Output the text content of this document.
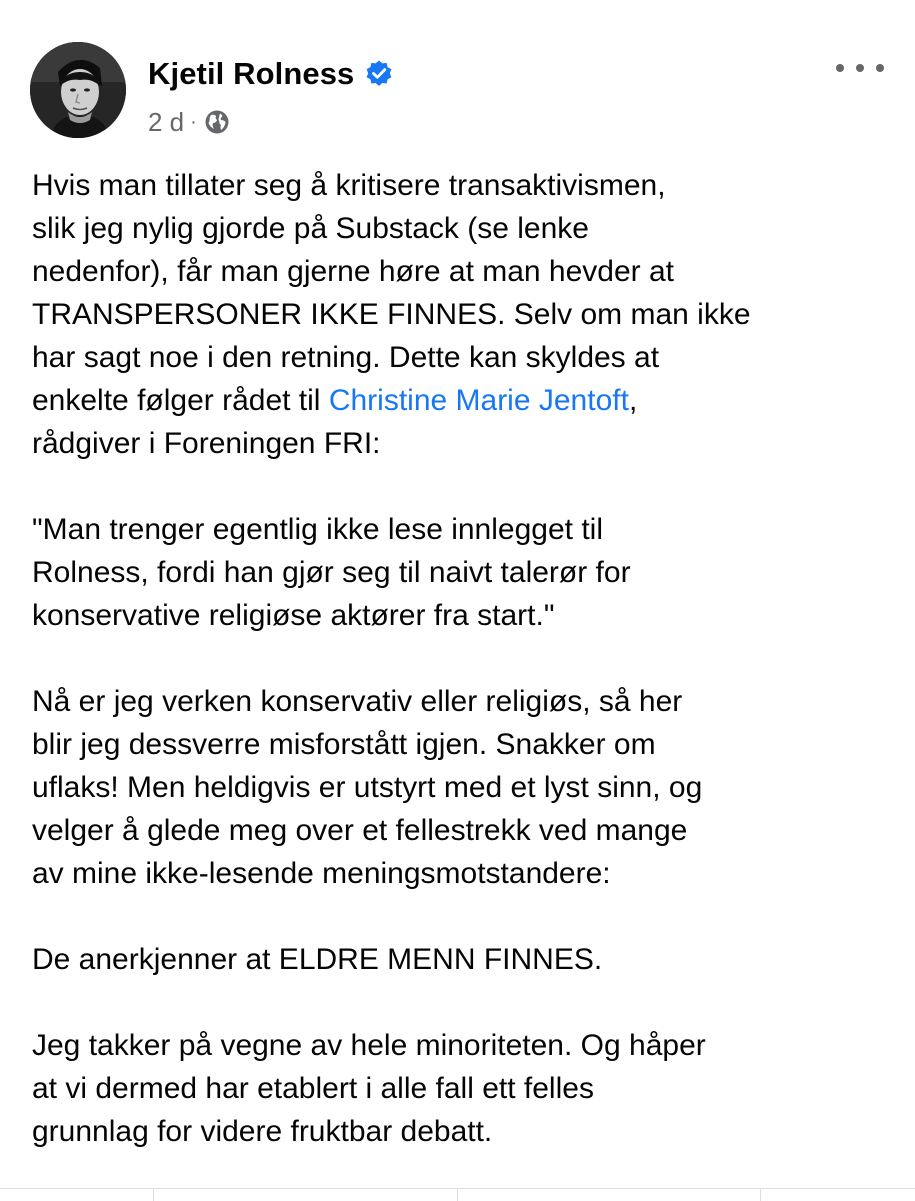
Kjetil Rolness
2 d ·

Hvis man tillater seg å kritisere transaktivismen,
slik jeg nylig gjorde på Substack (se lenke
nedenfor), får man gjerne høre at man hevder at
TRANSPERSONER IKKE FINNES. Selv om man ikke
har sagt noe i den retning. Dette kan skyldes at
enkelte følger rådet til Christine Marie Jentoft,
rådgiver i Foreningen FRI:

"Man trenger egentlig ikke lese innlegget til
Rolness, fordi han gjør seg til naivt talerør for
konservative religiøse aktører fra start."

Nå er jeg verken konservativ eller religiøs, så her
blir jeg dessverre misforstått igjen. Snakker om
uflaks! Men heldigvis er utstyrt med et lyst sinn, og
velger å glede meg over et fellestrekk ved mange
av mine ikke-lesende meningsmotstandere:

De anerkjenner at ELDRE MENN FINNES.

Jeg takker på vegne av hele minoriteten. Og håper
at vi dermed har etablert i alle fall ett felles
grunnlag for videre fruktbar debatt.
